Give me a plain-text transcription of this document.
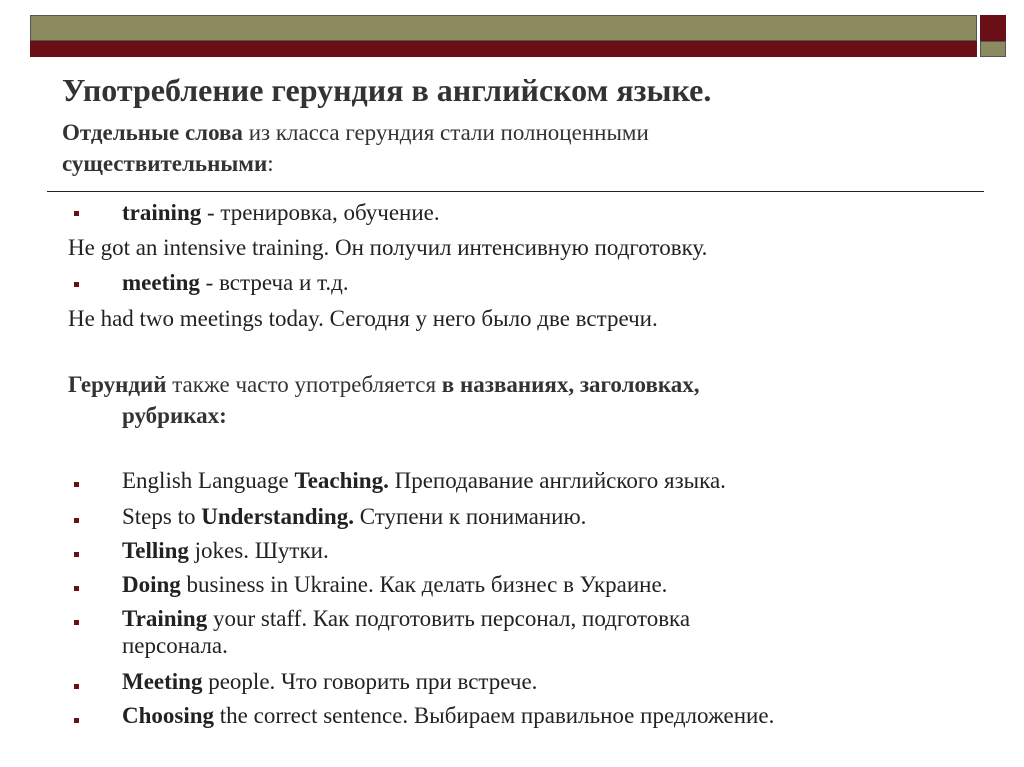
Употребление герундия в английском языке.
Отдельные слова из класса герундия стали полноценными существительными:
training - тренировка, обучение.
He got an intensive training. Он получил интенсивную подготовку.
meeting - встреча и т.д.
He had two meetings today. Сегодня у него было две встречи.
Герундий также часто употребляется в названиях, заголовках,
рубриках:
English Language Teaching. Преподавание английского языка.
Steps to Understanding. Ступени к пониманию.
Telling jokes. Шутки.
Doing business in Ukraine. Как делать бизнес в Украине.
Training your staff. Как подготовить персонал, подготовка
персонала.
Meeting people. Что говорить при встрече.
Choosing the correct sentence. Выбираем правильное предложение.
